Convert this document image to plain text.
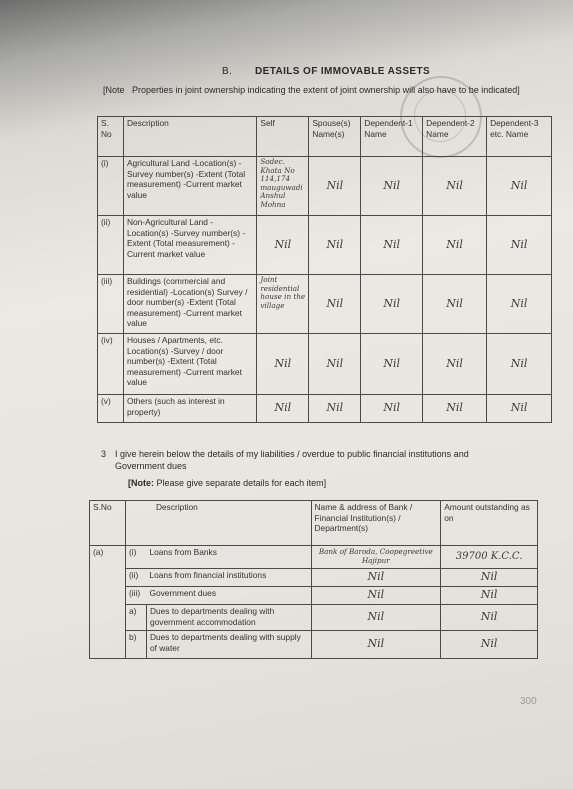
B. DETAILS OF IMMOVABLE ASSETS
[Note Properties in joint ownership indicating the extent of joint ownership will also have to be indicated]
S. No	Description	Self	Spouse(s) Name(s)	Dependent-1 Name	Dependent-2 Name	Dependent-3 etc. Name
(i)	Agricultural Land -Location(s) -Survey number(s) -Extent (Total measurement) -Current market value	Sodec. Khata No 114,174 mauguwadi Anshul Mohna	Nil	Nil	Nil	Nil
(ii)	Non-Agricultural Land -Location(s) -Survey number(s) -Extent (Total measurement) -Current market value	Nil	Nil	Nil	Nil	Nil
(iii)	Buildings (commercial and residential) -Location(s) Survey / door number(s) -Extent (Total measurement) -Current market value	Joint residential house in the village	Nil	Nil	Nil	Nil
(iv)	Houses / Apartments, etc. Location(s) -Survey / door number(s) -Extent (Total measurement) -Current market value	Nil	Nil	Nil	Nil	Nil
(v)	Others (such as interest in property)	Nil	Nil	Nil	Nil	Nil
3 I give herein below the details of my liabilities / overdue to public financial institutions and Government dues
[Note: Please give separate details for each item]
S.No	Description		Name & address of Bank / Financial Institution(s) / Department(s)	Amount outstanding as on
(a)	(i)	Loans from Banks	Bank of Baroda, Coopegreetive Hajipur	39700 K.C.C.
	(ii)	Loans from financial institutions	Nil	Nil
	(iii)	Government dues	Nil	Nil
	a)	Dues to departments dealing with government accommodation	Nil	Nil
	b)	Dues to departments dealing with supply of water	Nil	Nil
300
